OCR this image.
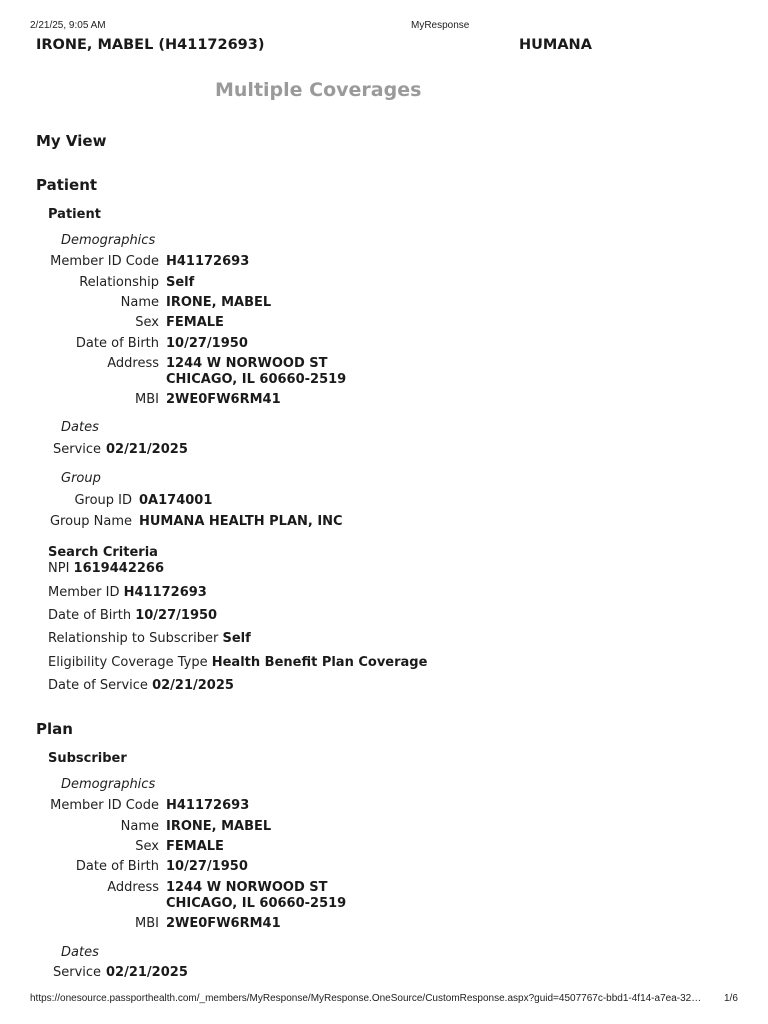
2/21/25, 9:05 AM	MyResponse
IRONE, MABEL (H41172693)	HUMANA
Multiple Coverages
My View
Patient
Patient
Demographics
Member ID Code H41172693
Relationship Self
Name IRONE, MABEL
Sex FEMALE
Date of Birth 10/27/1950
Address 1244 W NORWOOD ST
CHICAGO, IL 60660-2519
MBI 2WE0FW6RM41
Dates
Service 02/21/2025
Group
Group ID 0A174001
Group Name HUMANA HEALTH PLAN, INC
Search Criteria
NPI 1619442266
Member ID H41172693
Date of Birth 10/27/1950
Relationship to Subscriber Self
Eligibility Coverage Type Health Benefit Plan Coverage
Date of Service 02/21/2025
Plan
Subscriber
Demographics
Member ID Code H41172693
Name IRONE, MABEL
Sex FEMALE
Date of Birth 10/27/1950
Address 1244 W NORWOOD ST
CHICAGO, IL 60660-2519
MBI 2WE0FW6RM41
Dates
Service 02/21/2025
https://onesource.passporthealth.com/_members/MyResponse/MyResponse.OneSource/CustomResponse.aspx?guid=4507767c-bbd1-4f14-a7ea-32…	1/6
